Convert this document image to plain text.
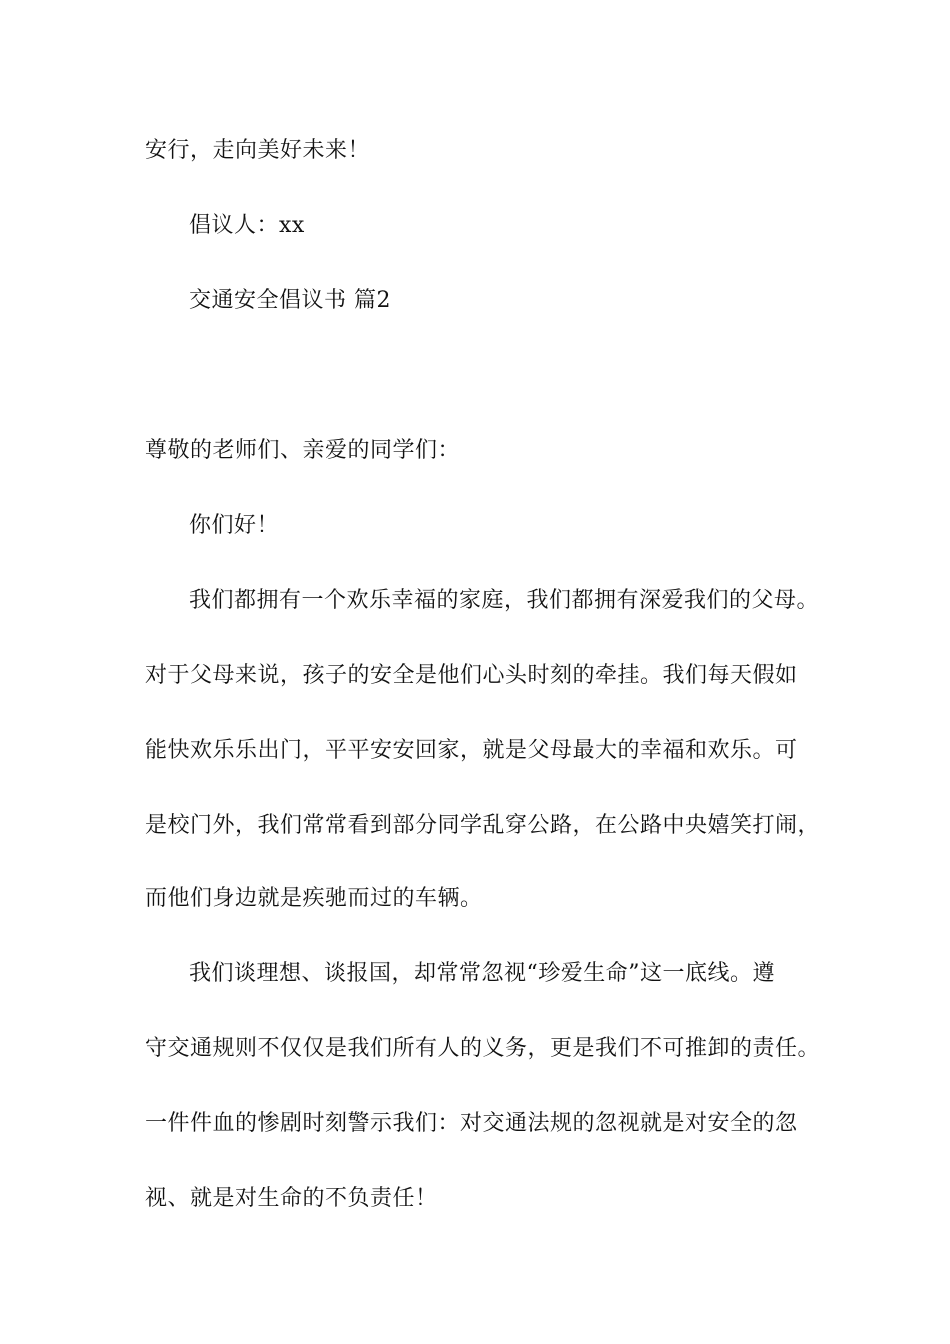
安行，走向美好未来！
倡议人：xx
交通安全倡议书 篇2
尊敬的老师们、亲爱的同学们：
你们好！
我们都拥有一个欢乐幸福的家庭，我们都拥有深爱我们的父母。
对于父母来说，孩子的安全是他们心头时刻的牵挂。我们每天假如
能快欢乐乐出门，平平安安回家，就是父母最大的幸福和欢乐。可
是校门外，我们常常看到部分同学乱穿公路，在公路中央嬉笑打闹，
而他们身边就是疾驰而过的车辆。
我们谈理想、谈报国，却常常忽视“珍爱生命”这一底线。遵
守交通规则不仅仅是我们所有人的义务，更是我们不可推卸的责任。
一件件血的惨剧时刻警示我们：对交通法规的忽视就是对安全的忽
视、就是对生命的不负责任！
